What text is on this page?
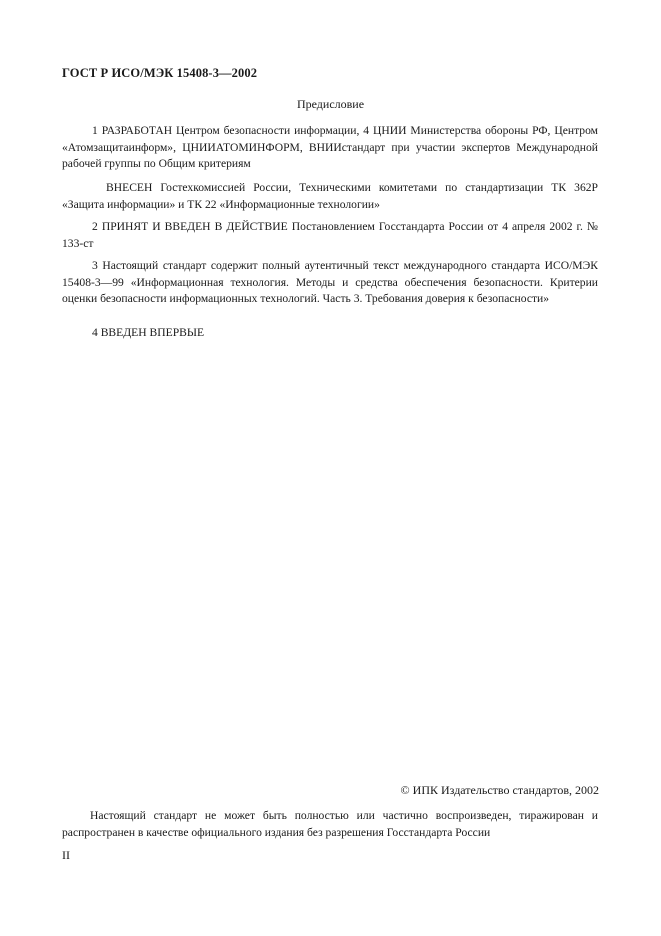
ГОСТ Р ИСО/МЭК 15408-3—2002
Предисловие
1 РАЗРАБОТАН Центром безопасности информации, 4 ЦНИИ Министерства обороны РФ, Центром «Атомзащитаинформ», ЦНИИАТОМИНФОРМ, ВНИИстандарт при участии экспертов Международной рабочей группы по Общим критериям
ВНЕСЕН Гостехкомиссией России, Техническими комитетами по стандартизации ТК 362Р «Защита информации» и ТК 22 «Информационные технологии»
2 ПРИНЯТ И ВВЕДЕН В ДЕЙСТВИЕ Постановлением Госстандарта России от 4 апреля 2002 г. № 133-ст
3 Настоящий стандарт содержит полный аутентичный текст международного стандарта ИСО/МЭК 15408-3—99 «Информационная технология. Методы и средства обеспечения безопасности. Критерии оценки безопасности информационных технологий. Часть 3. Требования доверия к безопасности»
4 ВВЕДЕН ВПЕРВЫЕ
© ИПК Издательство стандартов, 2002
Настоящий стандарт не может быть полностью или частично воспроизведен, тиражирован и распространен в качестве официального издания без разрешения Госстандарта России
II
